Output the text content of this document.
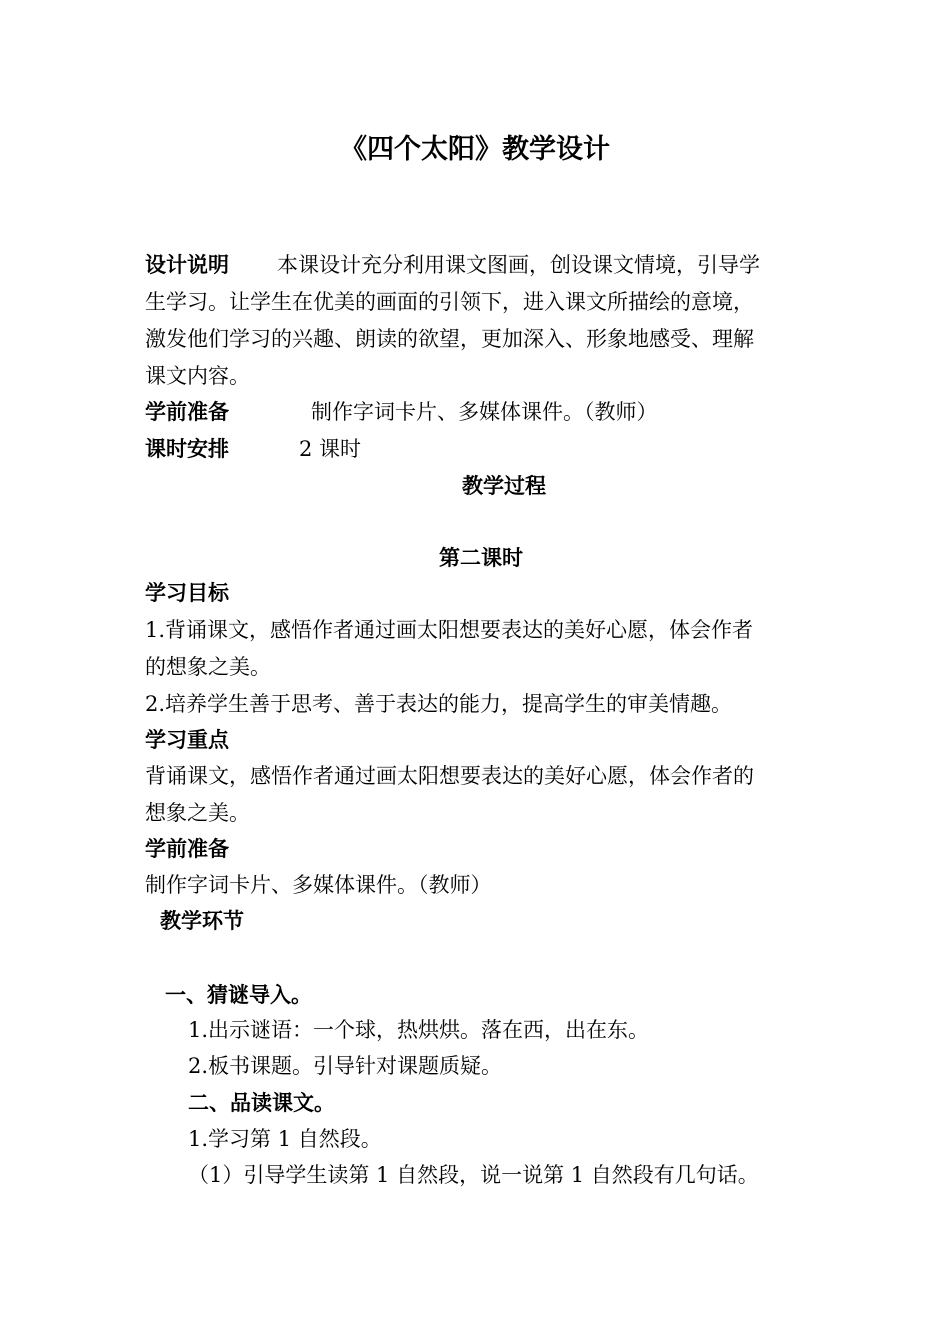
《四个太阳》教学设计
设计说明 本课设计充分利用课文图画，创设课文情境，引导学
生学习。让学生在优美的画面的引领下，进入课文所描绘的意境，
激发他们学习的兴趣、朗读的欲望，更加深入、形象地感受、理解
课文内容。
学前准备	制作字词卡片、多媒体课件。（教师）
课时安排	2 课时
教学过程
第二课时
学习目标
1.背诵课文，感悟作者通过画太阳想要表达的美好心愿，体会作者
的想象之美。
2.培养学生善于思考、善于表达的能力，提高学生的审美情趣。
学习重点
背诵课文，感悟作者通过画太阳想要表达的美好心愿，体会作者的
想象之美。
学前准备
制作字词卡片、多媒体课件。（教师）
教学环节
一、猜谜导入。
1.出示谜语：一个球，热烘烘。落在西，出在东。
2.板书课题。引导针对课题质疑。
二、品读课文。
1.学习第 1 自然段。
（1）引导学生读第 1 自然段，说一说第 1 自然段有几句话。
